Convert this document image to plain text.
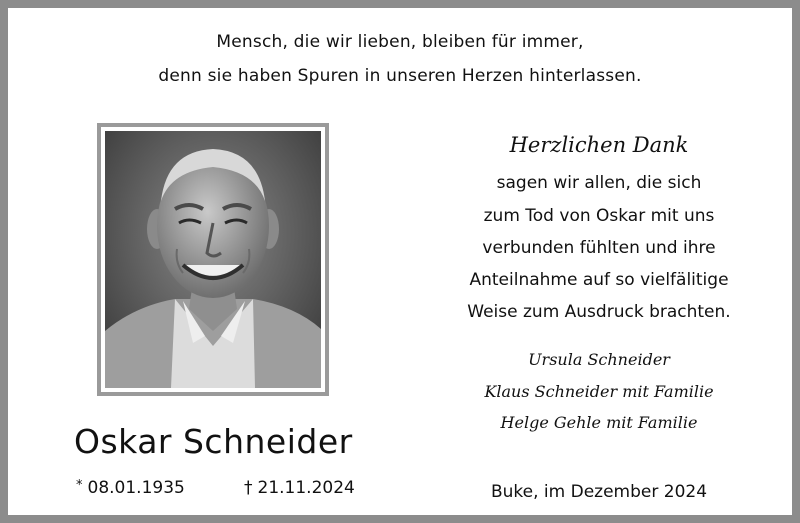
Mensch, die wir lieben, bleiben für immer,
denn sie haben Spuren in unseren Herzen hinterlassen.
Oskar Schneider
* 08.01.1935	† 21.11.2024
Herzlichen Dank
sagen wir allen, die sich
zum Tod von Oskar mit uns
verbunden fühlten und ihre
Anteilnahme auf so vielfälitige
Weise zum Ausdruck brachten.
Ursula Schneider
Klaus Schneider mit Familie
Helge Gehle mit Familie
Buke, im Dezember 2024
